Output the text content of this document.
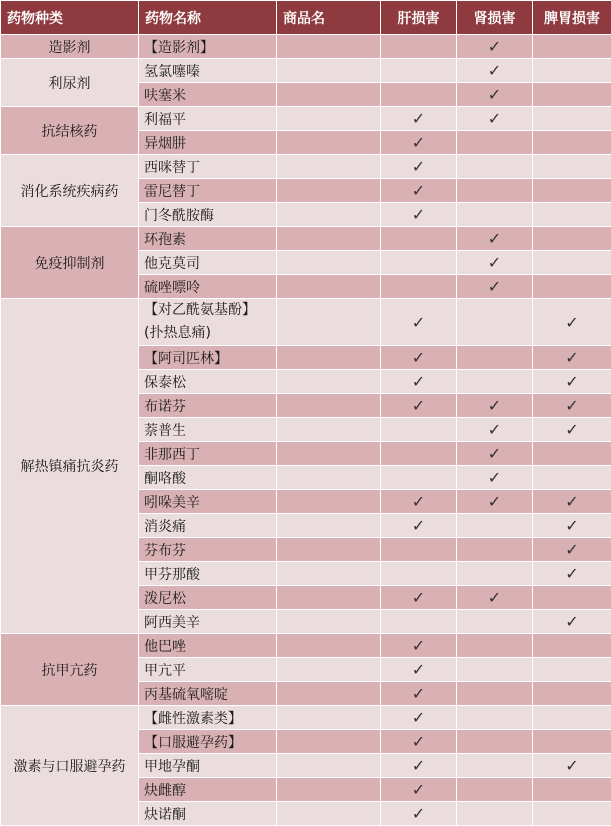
药物种类	药物名称	商品名	肝损害	肾损害	脾胃损害
造影剂	【造影剂】			✓	
利尿剂	氢氯噻嗪			✓	
	呋塞米			✓	
抗结核药	利福平		✓	✓	
	异烟肼		✓		
消化系统疾病药	西咪替丁		✓		
	雷尼替丁		✓		
	门冬酰胺酶		✓		
免疫抑制剂	环孢素			✓	
	他克莫司			✓	
	硫唑嘌呤			✓	
解热镇痛抗炎药	【对乙酰氨基酚】(扑热息痛)		✓		✓
	【阿司匹林】		✓		✓
	保泰松		✓		✓
	布诺芬		✓	✓	✓
	萘普生			✓	✓
	非那西丁			✓	
	酮咯酸			✓	
	吲哚美辛		✓	✓	✓
	消炎痛		✓		✓
	芬布芬				✓
	甲芬那酸				✓
	泼尼松		✓	✓	
	阿西美辛				✓
抗甲亢药	他巴唑		✓		
	甲亢平		✓		
	丙基硫氧嘧啶		✓		
激素与口服避孕药	【雌性激素类】		✓		
	【口服避孕药】		✓		
	甲地孕酮		✓		✓
	炔雌醇		✓		
	炔诺酮		✓		
